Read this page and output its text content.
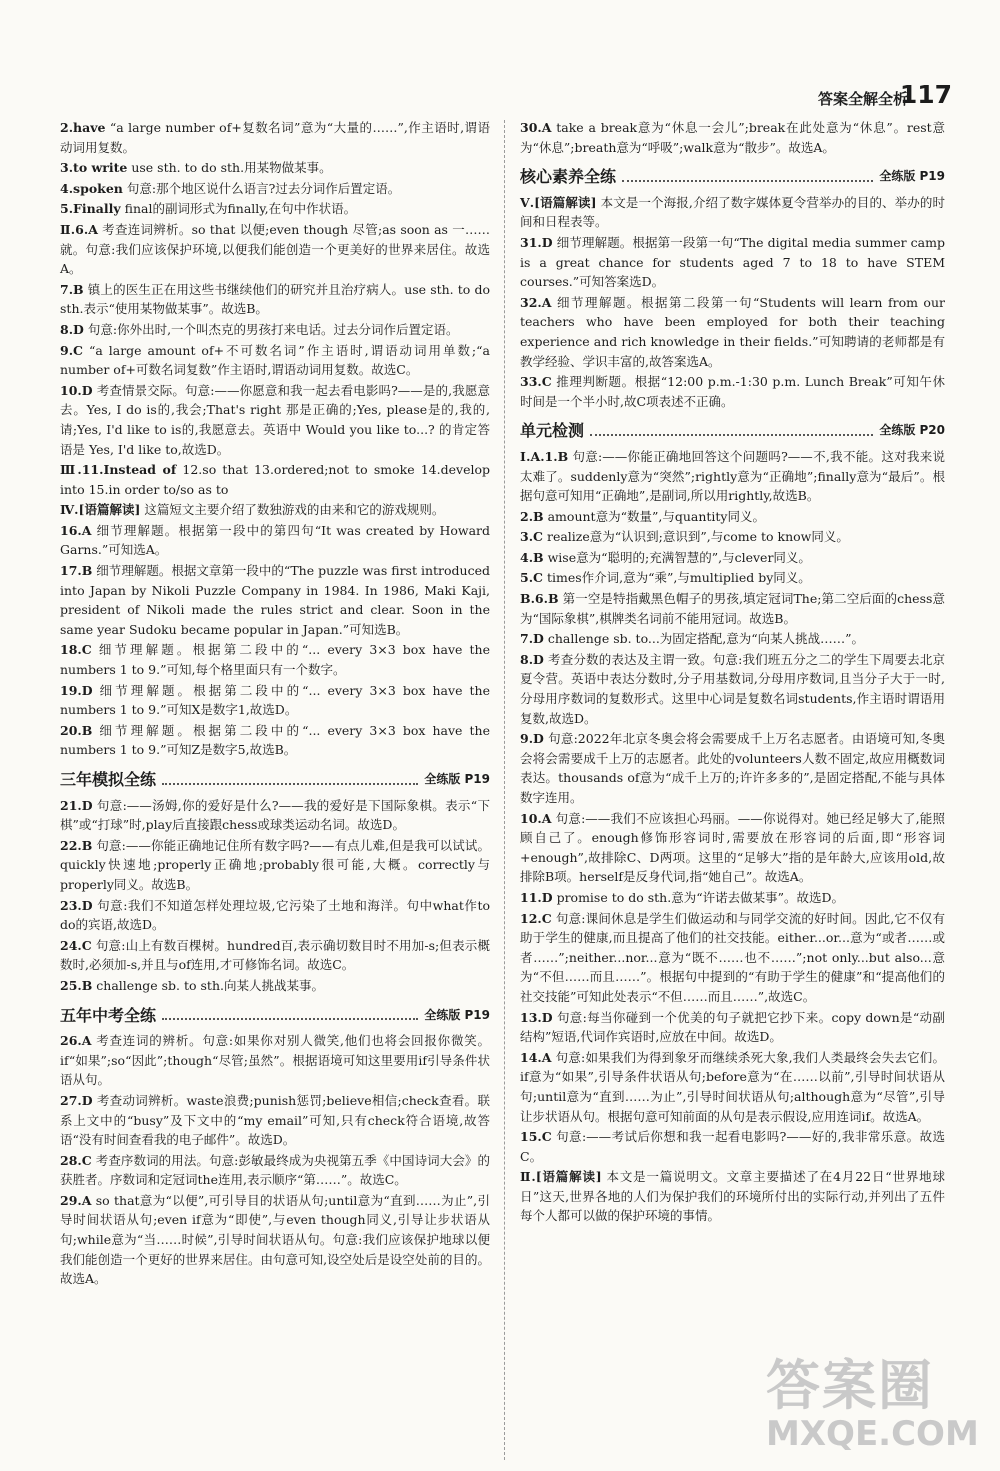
答案全解全析
117
2.have “a large number of+复数名词”意为“大量的……”,作主语时,谓语动词用复数。
3.to write use sth. to do sth.用某物做某事。
4.spoken 句意:那个地区说什么语言?过去分词作后置定语。
5.Finally final的副词形式为finally,在句中作状语。
Ⅱ.6.A 考查连词辨析。so that 以便;even though 尽管;as soon as 一……就。句意:我们应该保护环境,以便我们能创造一个更美好的世界来居住。故选A。
7.B 镇上的医生正在用这些书继续他们的研究并且治疗病人。use sth. to do sth.表示“使用某物做某事”。故选B。
8.D 句意:你外出时,一个叫杰克的男孩打来电话。过去分词作后置定语。
9.C “a large amount of+不可数名词”作主语时,谓语动词用单数;“a number of+可数名词复数”作主语时,谓语动词用复数。故选C。
10.D 考查情景交际。句意:——你愿意和我一起去看电影吗?——是的,我愿意去。Yes, I do is的,我会;That's right 那是正确的;Yes, please是的,我的,请;Yes, I'd like to is的,我愿意去。英语中 Would you like to...? 的肯定答语是 Yes, I'd like to,故选D。
Ⅲ.11.Instead of 12.so that 13.ordered;not to smoke 14.develop into 15.in order to/so as to
Ⅳ.[语篇解读] 这篇短文主要介绍了数独游戏的由来和它的游戏规则。
16.A 细节理解题。根据第一段中的第四句“It was created by Howard Garns.”可知选A。
17.B 细节理解题。根据文章第一段中的“The puzzle was first introduced into Japan by Nikoli Puzzle Company in 1984. In 1986, Maki Kaji, president of Nikoli made the rules strict and clear. Soon in the same year Sudoku became popular in Japan.”可知选B。
18.C 细节理解题。根据第二段中的“... every 3×3 box have the numbers 1 to 9.”可知,每个格里面只有一个数字。
19.D 细节理解题。根据第二段中的“... every 3×3 box have the numbers 1 to 9.”可知X是数字1,故选D。
20.B 细节理解题。根据第二段中的“... every 3×3 box have the numbers 1 to 9.”可知Z是数字5,故选B。
三年模拟全练	全练版 P19
21.D 句意:——汤姆,你的爱好是什么?——我的爱好是下国际象棋。表示“下棋”或“打球”时,play后直接跟chess或球类运动名词。故选D。
22.B 句意:——你能正确地记住所有数字吗?——有点儿难,但是我可以试试。quickly快速地;properly正确地;probably很可能,大概。correctly与properly同义。故选B。
23.D 句意:我们不知道怎样处理垃圾,它污染了土地和海洋。句中what作to do的宾语,故选D。
24.C 句意:山上有数百棵树。hundred百,表示确切数目时不用加-s;但表示概数时,必须加-s,并且与of连用,才可修饰名词。故选C。
25.B challenge sb. to sth.向某人挑战某事。
五年中考全练	全练版 P19
26.A 考查连词的辨析。句意:如果你对别人微笑,他们也将会回报你微笑。if“如果”;so“因此”;though“尽管;虽然”。根据语境可知这里要用if引导条件状语从句。
27.D 考查动词辨析。waste浪费;punish惩罚;believe相信;check查看。联系上文中的“busy”及下文中的“my email”可知,只有check符合语境,故答语“没有时间查看我的电子邮件”。故选D。
28.C 考查序数词的用法。句意:彭敏最终成为央视第五季《中国诗词大会》的获胜者。序数词和定冠词the连用,表示顺序“第……”。故选C。
29.A so that意为“以便”,可引导目的状语从句;until意为“直到……为止”,引导时间状语从句;even if意为“即使”,与even though同义,引导让步状语从句;while意为“当……时候”,引导时间状语从句。句意:我们应该保护地球以便我们能创造一个更好的世界来居住。由句意可知,设空处后是设空处前的目的。故选A。
30.A take a break意为“休息一会儿”;break在此处意为“休息”。rest意为“休息”;breath意为“呼吸”;walk意为“散步”。故选A。
核心素养全练	全练版 P19
Ⅴ.[语篇解读] 本文是一个海报,介绍了数字媒体夏令营举办的目的、举办的时间和日程表等。
31.D 细节理解题。根据第一段第一句“The digital media summer camp is a great chance for students aged 7 to 18 to have STEM courses.”可知答案选D。
32.A 细节理解题。根据第二段第一句“Students will learn from our teachers who have been employed for both their teaching experience and rich knowledge in their fields.”可知聘请的老师都是有教学经验、学识丰富的,故答案选A。
33.C 推理判断题。根据“12:00 p.m.-1:30 p.m. Lunch Break”可知午休时间是一个半小时,故C项表述不正确。
单元检测	全练版 P20
Ⅰ.A.1.B 句意:——你能正确地回答这个问题吗?——不,我不能。这对我来说太难了。suddenly意为“突然”;rightly意为“正确地”;finally意为“最后”。根据句意可知用“正确地”,是副词,所以用rightly,故选B。
2.B amount意为“数量”,与quantity同义。
3.C realize意为“认识到;意识到”,与come to know同义。
4.B wise意为“聪明的;充满智慧的”,与clever同义。
5.C times作介词,意为“乘”,与multiplied by同义。
B.6.B 第一空是特指戴黑色帽子的男孩,填定冠词The;第二空后面的chess意为“国际象棋”,棋牌类名词前不能用冠词。故选B。
7.D challenge sb. to...为固定搭配,意为“向某人挑战……”。
8.D 考查分数的表达及主谓一致。句意:我们班五分之二的学生下周要去北京夏令营。英语中表达分数时,分子用基数词,分母用序数词,且当分子大于一时,分母用序数词的复数形式。这里中心词是复数名词students,作主语时谓语用复数,故选D。
9.D 句意:2022年北京冬奥会将会需要成千上万名志愿者。由语境可知,冬奥会将会需要成千上万的志愿者。此处的volunteers人数不固定,故应用概数词表达。thousands of意为“成千上万的;许许多多的”,是固定搭配,不能与具体数字连用。
10.A 句意:——我们不应该担心玛丽。——你说得对。她已经足够大了,能照顾自己了。enough修饰形容词时,需要放在形容词的后面,即“形容词+enough”,故排除C、D两项。这里的“足够大”指的是年龄大,应该用old,故排除B项。herself是反身代词,指“她自己”。故选A。
11.D promise to do sth.意为“许诺去做某事”。故选D。
12.C 句意:课间休息是学生们做运动和与同学交流的好时间。因此,它不仅有助于学生的健康,而且提高了他们的社交技能。either...or...意为“或者……或者……”;neither...nor...意为“既不……也不……”;not only...but also...意为“不但……而且……”。根据句中提到的“有助于学生的健康”和“提高他们的社交技能”可知此处表示“不但……而且……”,故选C。
13.D 句意:每当你碰到一个优美的句子就把它抄下来。copy down是“动副结构”短语,代词作宾语时,应放在中间。故选D。
14.A 句意:如果我们为得到象牙而继续杀死大象,我们人类最终会失去它们。if意为“如果”,引导条件状语从句;before意为“在……以前”,引导时间状语从句;until意为“直到……为止”,引导时间状语从句;although意为“尽管”,引导让步状语从句。根据句意可知前面的从句是表示假设,应用连词if。故选A。
15.C 句意:——考试后你想和我一起看电影吗?——好的,我非常乐意。故选C。
Ⅱ.[语篇解读] 本文是一篇说明文。文章主要描述了在4月22日“世界地球日”这天,世界各地的人们为保护我们的环境所付出的实际行动,并列出了五件每个人都可以做的保护环境的事情。
答案圈
MXQE.COM
